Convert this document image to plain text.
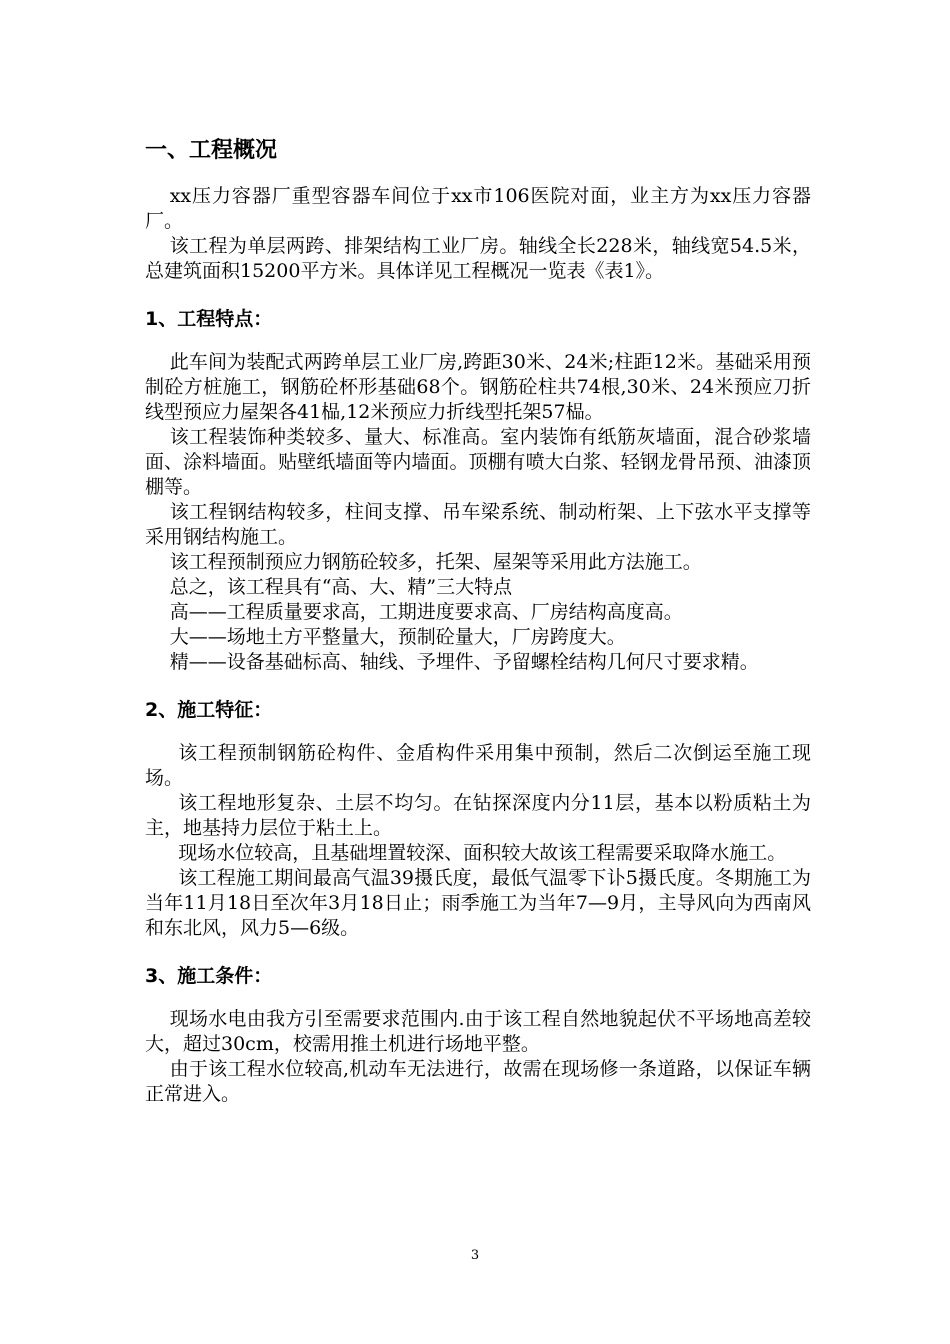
一、工程概况

xx压力容器厂重型容器车间位于xx市106医院对面，业主方为xx压力容器厂。

该工程为单层两跨、排架结构工业厂房。轴线全长228米，轴线宽54.5米，总建筑面积15200平方米。具体详见工程概况一览表《表1》。

1、工程特点：

此车间为装配式两跨单层工业厂房,跨距30米、24米;柱距12米。基础采用预制砼方桩施工，钢筋砼杯形基础68个。钢筋砼柱共74根,30米、24米预应刀折线型预应力屋架各41榀,12米预应力折线型托架57榀。

该工程装饰种类较多、量大、标准高。室内装饰有纸筋灰墙面，混合砂浆墙面、涂料墙面。贴壁纸墙面等内墙面。顶棚有喷大白浆、轻钢龙骨吊预、油漆顶棚等。

该工程钢结构较多，柱间支撑、吊车梁系统、制动桁架、上下弦水平支撑等采用钢结构施工。

该工程预制预应力钢筋砼较多，托架、屋架等采用此方法施工。

总之，该工程具有“高、大、精”三大特点

高——工程质量要求高，工期进度要求高、厂房结构高度高。

大——场地土方平整量大，预制砼量大，厂房跨度大。

精——设备基础标高、轴线、予埋件、予留螺栓结构几何尺寸要求精。

2、施工特征：

该工程预制钢筋砼构件、金盾构件采用集中预制，然后二次倒运至施工现场。

该工程地形复杂、土层不均匀。在钻探深度内分11层，基本以粉质粘土为主，地基持力层位于粘土上。

现场水位较高，且基础埋置较深、面积较大故该工程需要采取降水施工。

该工程施工期间最高气温39摄氏度，最低气温零下讣5摄氏度。冬期施工为当年11月18日至次年3月18日止；雨季施工为当年7—9月，主导风向为西南风和东北风，风力5—6级。

3、施工条件：

现场水电由我方引至需要求范围内.由于该工程自然地貌起伏不平场地高差较大，超过30cm，校需用推土机进行场地平整。

由于该工程水位较高,机动车无法进行，故需在现场修一条道路，以保证车辆正常进入。

3
